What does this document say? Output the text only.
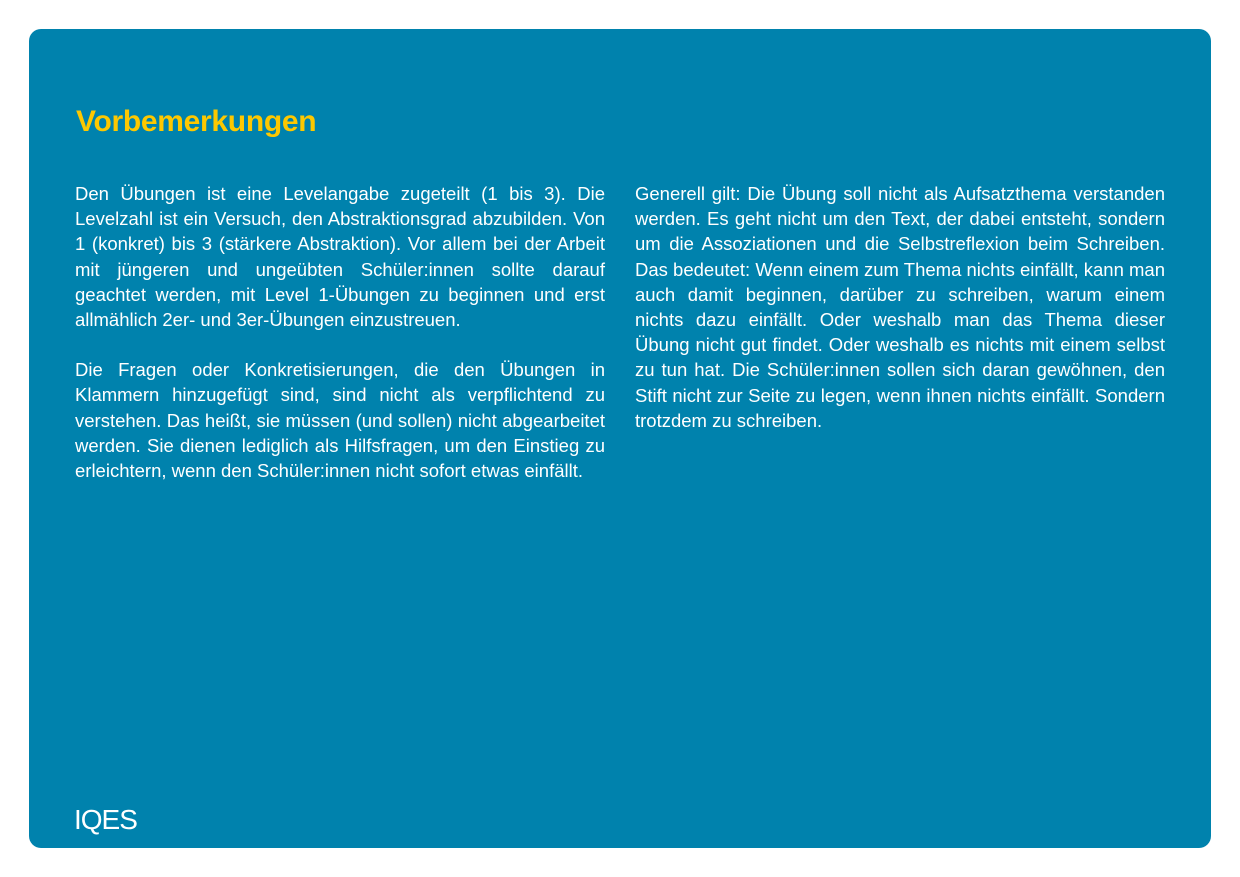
Vorbemerkungen

Den Übungen ist eine Levelangabe zugeteilt (1 bis 3). Die Levelzahl ist ein Versuch, den Abstraktionsgrad abzubilden. Von 1 (konkret) bis 3 (stärkere Abstraktion). Vor allem bei der Arbeit mit jüngeren und ungeübten Schüler:innen sollte darauf geachtet werden, mit Level 1-Übungen zu beginnen und erst allmählich 2er- und 3er-Übungen einzustreuen.

Die Fragen oder Konkretisierungen, die den Übungen in Klammern hinzugefügt sind, sind nicht als verpflichtend zu verstehen. Das heißt, sie müssen (und sollen) nicht abgearbeitet werden. Sie dienen lediglich als Hilfsfragen, um den Einstieg zu erleichtern, wenn den Schüler:innen nicht sofort etwas einfällt.

Generell gilt: Die Übung soll nicht als Aufsatzthema verstanden werden. Es geht nicht um den Text, der dabei entsteht, sondern um die Assoziationen und die Selbstreflexion beim Schreiben. Das bedeutet: Wenn einem zum Thema nichts einfällt, kann man auch damit beginnen, darüber zu schreiben, warum einem nichts dazu einfällt. Oder weshalb man das Thema dieser Übung nicht gut findet. Oder weshalb es nichts mit einem selbst zu tun hat. Die Schüler:innen sollen sich daran gewöhnen, den Stift nicht zur Seite zu legen, wenn ihnen nichts einfällt. Sondern trotzdem zu schreiben.

IQES
